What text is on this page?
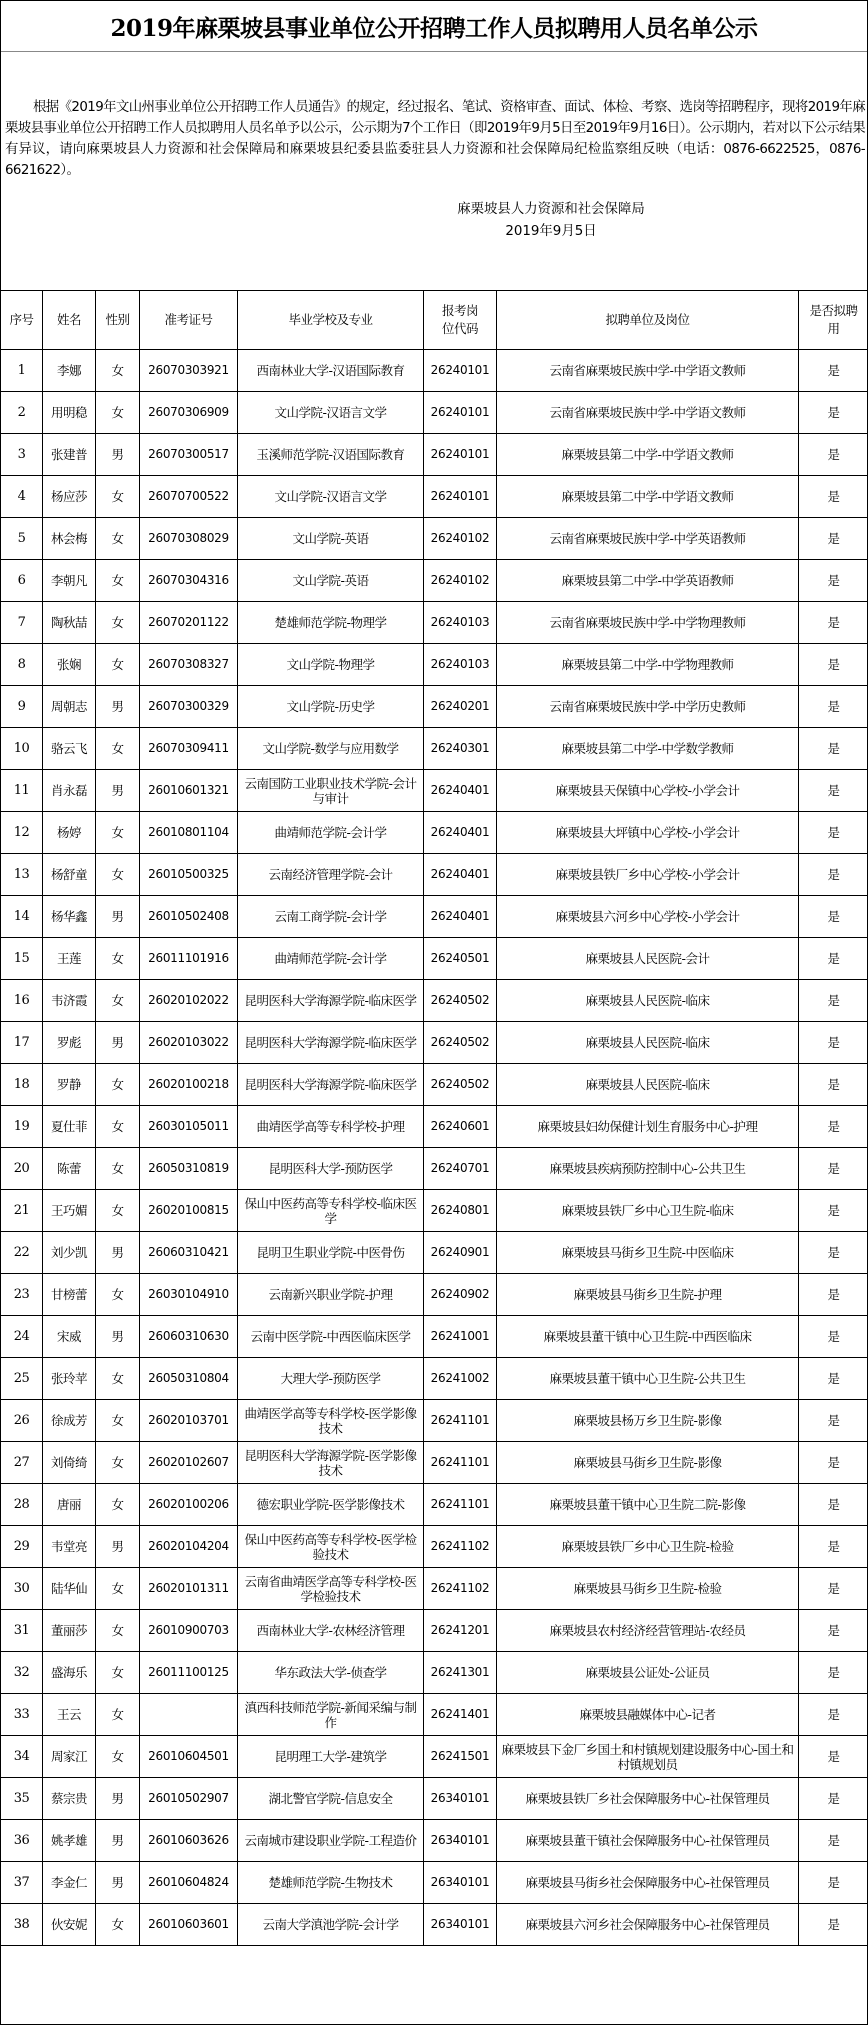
2019年麻栗坡县事业单位公开招聘工作人员拟聘用人员名单公示

根据《2019年文山州事业单位公开招聘工作人员通告》的规定，经过报名、笔试、资格审查、面试、体检、考察、选岗等招聘程序，现将2019年麻栗坡县事业单位公开招聘工作人员拟聘用人员名单予以公示，公示期为7个工作日（即2019年9月5日至2019年9月16日）。公示期内，若对以下公示结果有异议，请向麻栗坡县人力资源和社会保障局和麻栗坡县纪委县监委驻县人力资源和社会保障局纪检监察组反映（电话：0876-6622525，0876-6621622）。

麻栗坡县人力资源和社会保障局
2019年9月5日
序号	姓名	性别	准考证号	毕业学校及专业	报考岗位代码	拟聘单位及岗位	是否拟聘用
1	李娜	女	26070303921	西南林业大学-汉语国际教育	26240101	云南省麻栗坡民族中学-中学语文教师	是
2	用明稳	女	26070306909	文山学院-汉语言文学	26240101	云南省麻栗坡民族中学-中学语文教师	是
3	张建普	男	26070300517	玉溪师范学院-汉语国际教育	26240101	麻栗坡县第二中学-中学语文教师	是
4	杨应莎	女	26070700522	文山学院-汉语言文学	26240101	麻栗坡县第二中学-中学语文教师	是
5	林会梅	女	26070308029	文山学院-英语	26240102	云南省麻栗坡民族中学-中学英语教师	是
6	李朝凡	女	26070304316	文山学院-英语	26240102	麻栗坡县第二中学-中学英语教师	是
7	陶秋喆	女	26070201122	楚雄师范学院-物理学	26240103	云南省麻栗坡民族中学-中学物理教师	是
8	张娴	女	26070308327	文山学院-物理学	26240103	麻栗坡县第二中学-中学物理教师	是
9	周朝志	男	26070300329	文山学院-历史学	26240201	云南省麻栗坡民族中学-中学历史教师	是
10	骆云飞	女	26070309411	文山学院-数学与应用数学	26240301	麻栗坡县第二中学-中学数学教师	是
11	肖永磊	男	26010601321	云南国防工业职业技术学院-会计与审计	26240401	麻栗坡县天保镇中心学校-小学会计	是
12	杨婷	女	26010801104	曲靖师范学院-会计学	26240401	麻栗坡县大坪镇中心学校-小学会计	是
13	杨舒童	女	26010500325	云南经济管理学院-会计	26240401	麻栗坡县铁厂乡中心学校-小学会计	是
14	杨华鑫	男	26010502408	云南工商学院-会计学	26240401	麻栗坡县六河乡中心学校-小学会计	是
15	王莲	女	26011101916	曲靖师范学院-会计学	26240501	麻栗坡县人民医院-会计	是
16	韦济霞	女	26020102022	昆明医科大学海源学院-临床医学	26240502	麻栗坡县人民医院-临床	是
17	罗彪	男	26020103022	昆明医科大学海源学院-临床医学	26240502	麻栗坡县人民医院-临床	是
18	罗静	女	26020100218	昆明医科大学海源学院-临床医学	26240502	麻栗坡县人民医院-临床	是
19	夏仕菲	女	26030105011	曲靖医学高等专科学校-护理	26240601	麻栗坡县妇幼保健计划生育服务中心-护理	是
20	陈蕾	女	26050310819	昆明医科大学-预防医学	26240701	麻栗坡县疾病预防控制中心-公共卫生	是
21	王巧媚	女	26020100815	保山中医药高等专科学校-临床医学	26240801	麻栗坡县铁厂乡中心卫生院-临床	是
22	刘少凯	男	26060310421	昆明卫生职业学院-中医骨伤	26240901	麻栗坡县马街乡卫生院-中医临床	是
23	甘榜蕾	女	26030104910	云南新兴职业学院-护理	26240902	麻栗坡县马街乡卫生院-护理	是
24	宋威	男	26060310630	云南中医学院-中西医临床医学	26241001	麻栗坡县董干镇中心卫生院-中西医临床	是
25	张玲苹	女	26050310804	大理大学-预防医学	26241002	麻栗坡县董干镇中心卫生院-公共卫生	是
26	徐成芳	女	26020103701	曲靖医学高等专科学校-医学影像技术	26241101	麻栗坡县杨万乡卫生院-影像	是
27	刘倚绮	女	26020102607	昆明医科大学海源学院-医学影像技术	26241101	麻栗坡县马街乡卫生院-影像	是
28	唐丽	女	26020100206	德宏职业学院-医学影像技术	26241101	麻栗坡县董干镇中心卫生院二院-影像	是
29	韦堂亮	男	26020104204	保山中医药高等专科学校-医学检验技术	26241102	麻栗坡县铁厂乡中心卫生院-检验	是
30	陆华仙	女	26020101311	云南省曲靖医学高等专科学校-医学检验技术	26241102	麻栗坡县马街乡卫生院-检验	是
31	董丽莎	女	26010900703	西南林业大学-农林经济管理	26241201	麻栗坡县农村经济经营管理站-农经员	是
32	盛海乐	女	26011100125	华东政法大学-侦查学	26241301	麻栗坡县公证处-公证员	是
33	王云	女		滇西科技师范学院-新闻采编与制作	26241401	麻栗坡县融媒体中心-记者	是
34	周家江	女	26010604501	昆明理工大学-建筑学	26241501	麻栗坡县下金厂乡国土和村镇规划建设服务中心-国土和村镇规划员	是
35	蔡宗贵	男	26010502907	湖北警官学院-信息安全	26340101	麻栗坡县铁厂乡社会保障服务中心-社保管理员	是
36	姚孝雄	男	26010603626	云南城市建设职业学院-工程造价	26340101	麻栗坡县董干镇社会保障服务中心-社保管理员	是
37	李金仁	男	26010604824	楚雄师范学院-生物技术	26340101	麻栗坡县马街乡社会保障服务中心-社保管理员	是
38	伙安妮	女	26010603601	云南大学滇池学院-会计学	26340101	麻栗坡县六河乡社会保障服务中心-社保管理员	是
